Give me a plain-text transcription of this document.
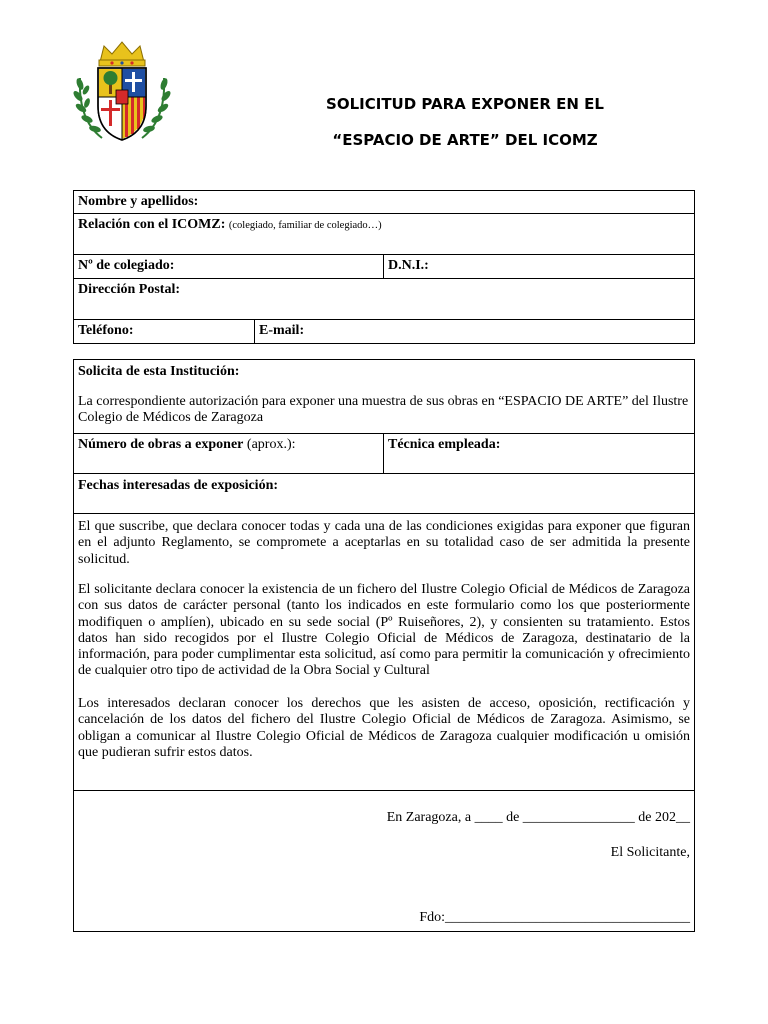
SOLICITUD PARA EXPONER EN EL
“ESPACIO DE ARTE” DEL ICOMZ
Nombre y apellidos:
Relación con el ICOMZ: (colegiado, familiar de colegiado…)
Nº de colegiado:	D.N.I.:
Dirección Postal:
Teléfono:	E-mail:
Solicita de esta Institución:
La correspondiente autorización para exponer una muestra de sus obras en “ESPACIO DE ARTE” del Ilustre Colegio de Médicos de Zaragoza
Número de obras a exponer (aprox.):	Técnica empleada:
Fechas interesadas de exposición:
El que suscribe, que declara conocer todas y cada una de las condiciones exigidas para exponer que figuran en el adjunto Reglamento, se compromete a aceptarlas en su totalidad caso de ser admitida la presente solicitud.
El solicitante declara conocer la existencia de un fichero del Ilustre Colegio Oficial de Médicos de Zaragoza con sus datos de carácter personal (tanto los indicados en este formulario como los que posteriormente modifiquen o amplíen), ubicado en su sede social (Pº Ruiseñores, 2), y consienten su tratamiento. Estos datos han sido recogidos por el Ilustre Colegio Oficial de Médicos de Zaragoza, destinatario de la información, para poder cumplimentar esta solicitud, así como para permitir la comunicación y ofrecimiento de cualquier otro tipo de actividad de la Obra Social y Cultural
Los interesados declaran conocer los derechos que les asisten de acceso, oposición, rectificación y cancelación de los datos del fichero del Ilustre Colegio Oficial de Médicos de Zaragoza. Asimismo, se obligan a comunicar al Ilustre Colegio Oficial de Médicos de Zaragoza cualquier modificación u omisión que pudieran sufrir estos datos.
En Zaragoza, a ____ de ________________ de 202__
El Solicitante,
Fdo:___________________________________
